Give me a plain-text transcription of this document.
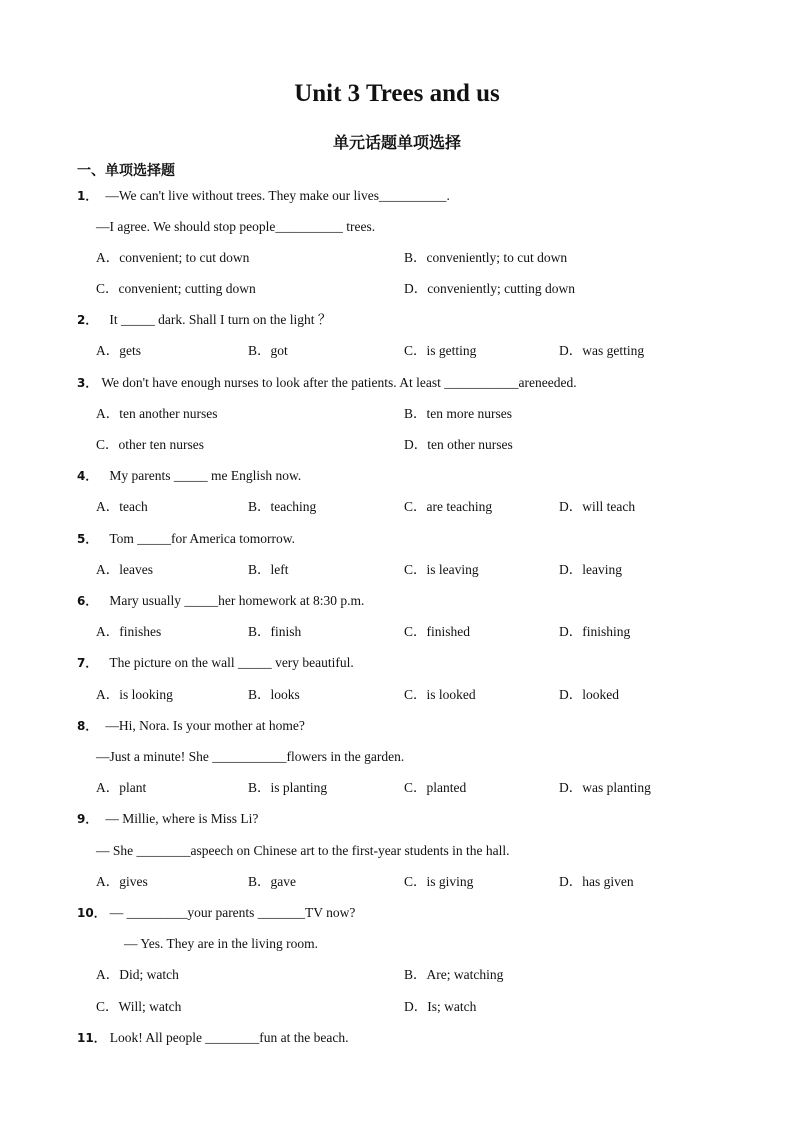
Unit 3 Trees and us
单元话题单项选择
一、单项选择题
1． —We can't live without trees. They make our lives__________.
—I agree. We should stop people__________ trees.
A．convenient; to cut down	B．conveniently; to cut down
C．convenient; cutting down	D．conveniently; cutting down
2． It _____ dark. Shall I turn on the light ？
A．gets	B．got	C．is getting	D．was getting
3． We don't have enough nurses to look after the patients. At least ___________areneeded.
A．ten another nurses	B．ten more nurses
C．other ten nurses	D．ten other nurses
4． My parents _____ me English now.
A．teach	B．teaching	C．are teaching	D．will teach
5． Tom _____for America tomorrow.
A．leaves	B．left	C．is leaving	D．leaving
6． Mary usually _____her homework at 8:30 p.m.
A．finishes	B．finish	C．finished	D．finishing
7． The picture on the wall _____ very beautiful.
A．is looking	B．looks	C．is looked	D．looked
8． —Hi, Nora. Is your mother at home?
—Just a minute! She ___________flowers in the garden.
A．plant	B．is planting	C．planted	D．was planting
9． — Millie, where is Miss Li?
— She ________aspeech on Chinese art to the first-year students in the hall.
A．gives	B．gave	C．is giving	D．has given
10． — _________your parents _______TV now?
— Yes. They are in the living room.
A．Did; watch	B．Are; watching
C．Will; watch	D．Is; watch
11． Look! All people ________fun at the beach.
